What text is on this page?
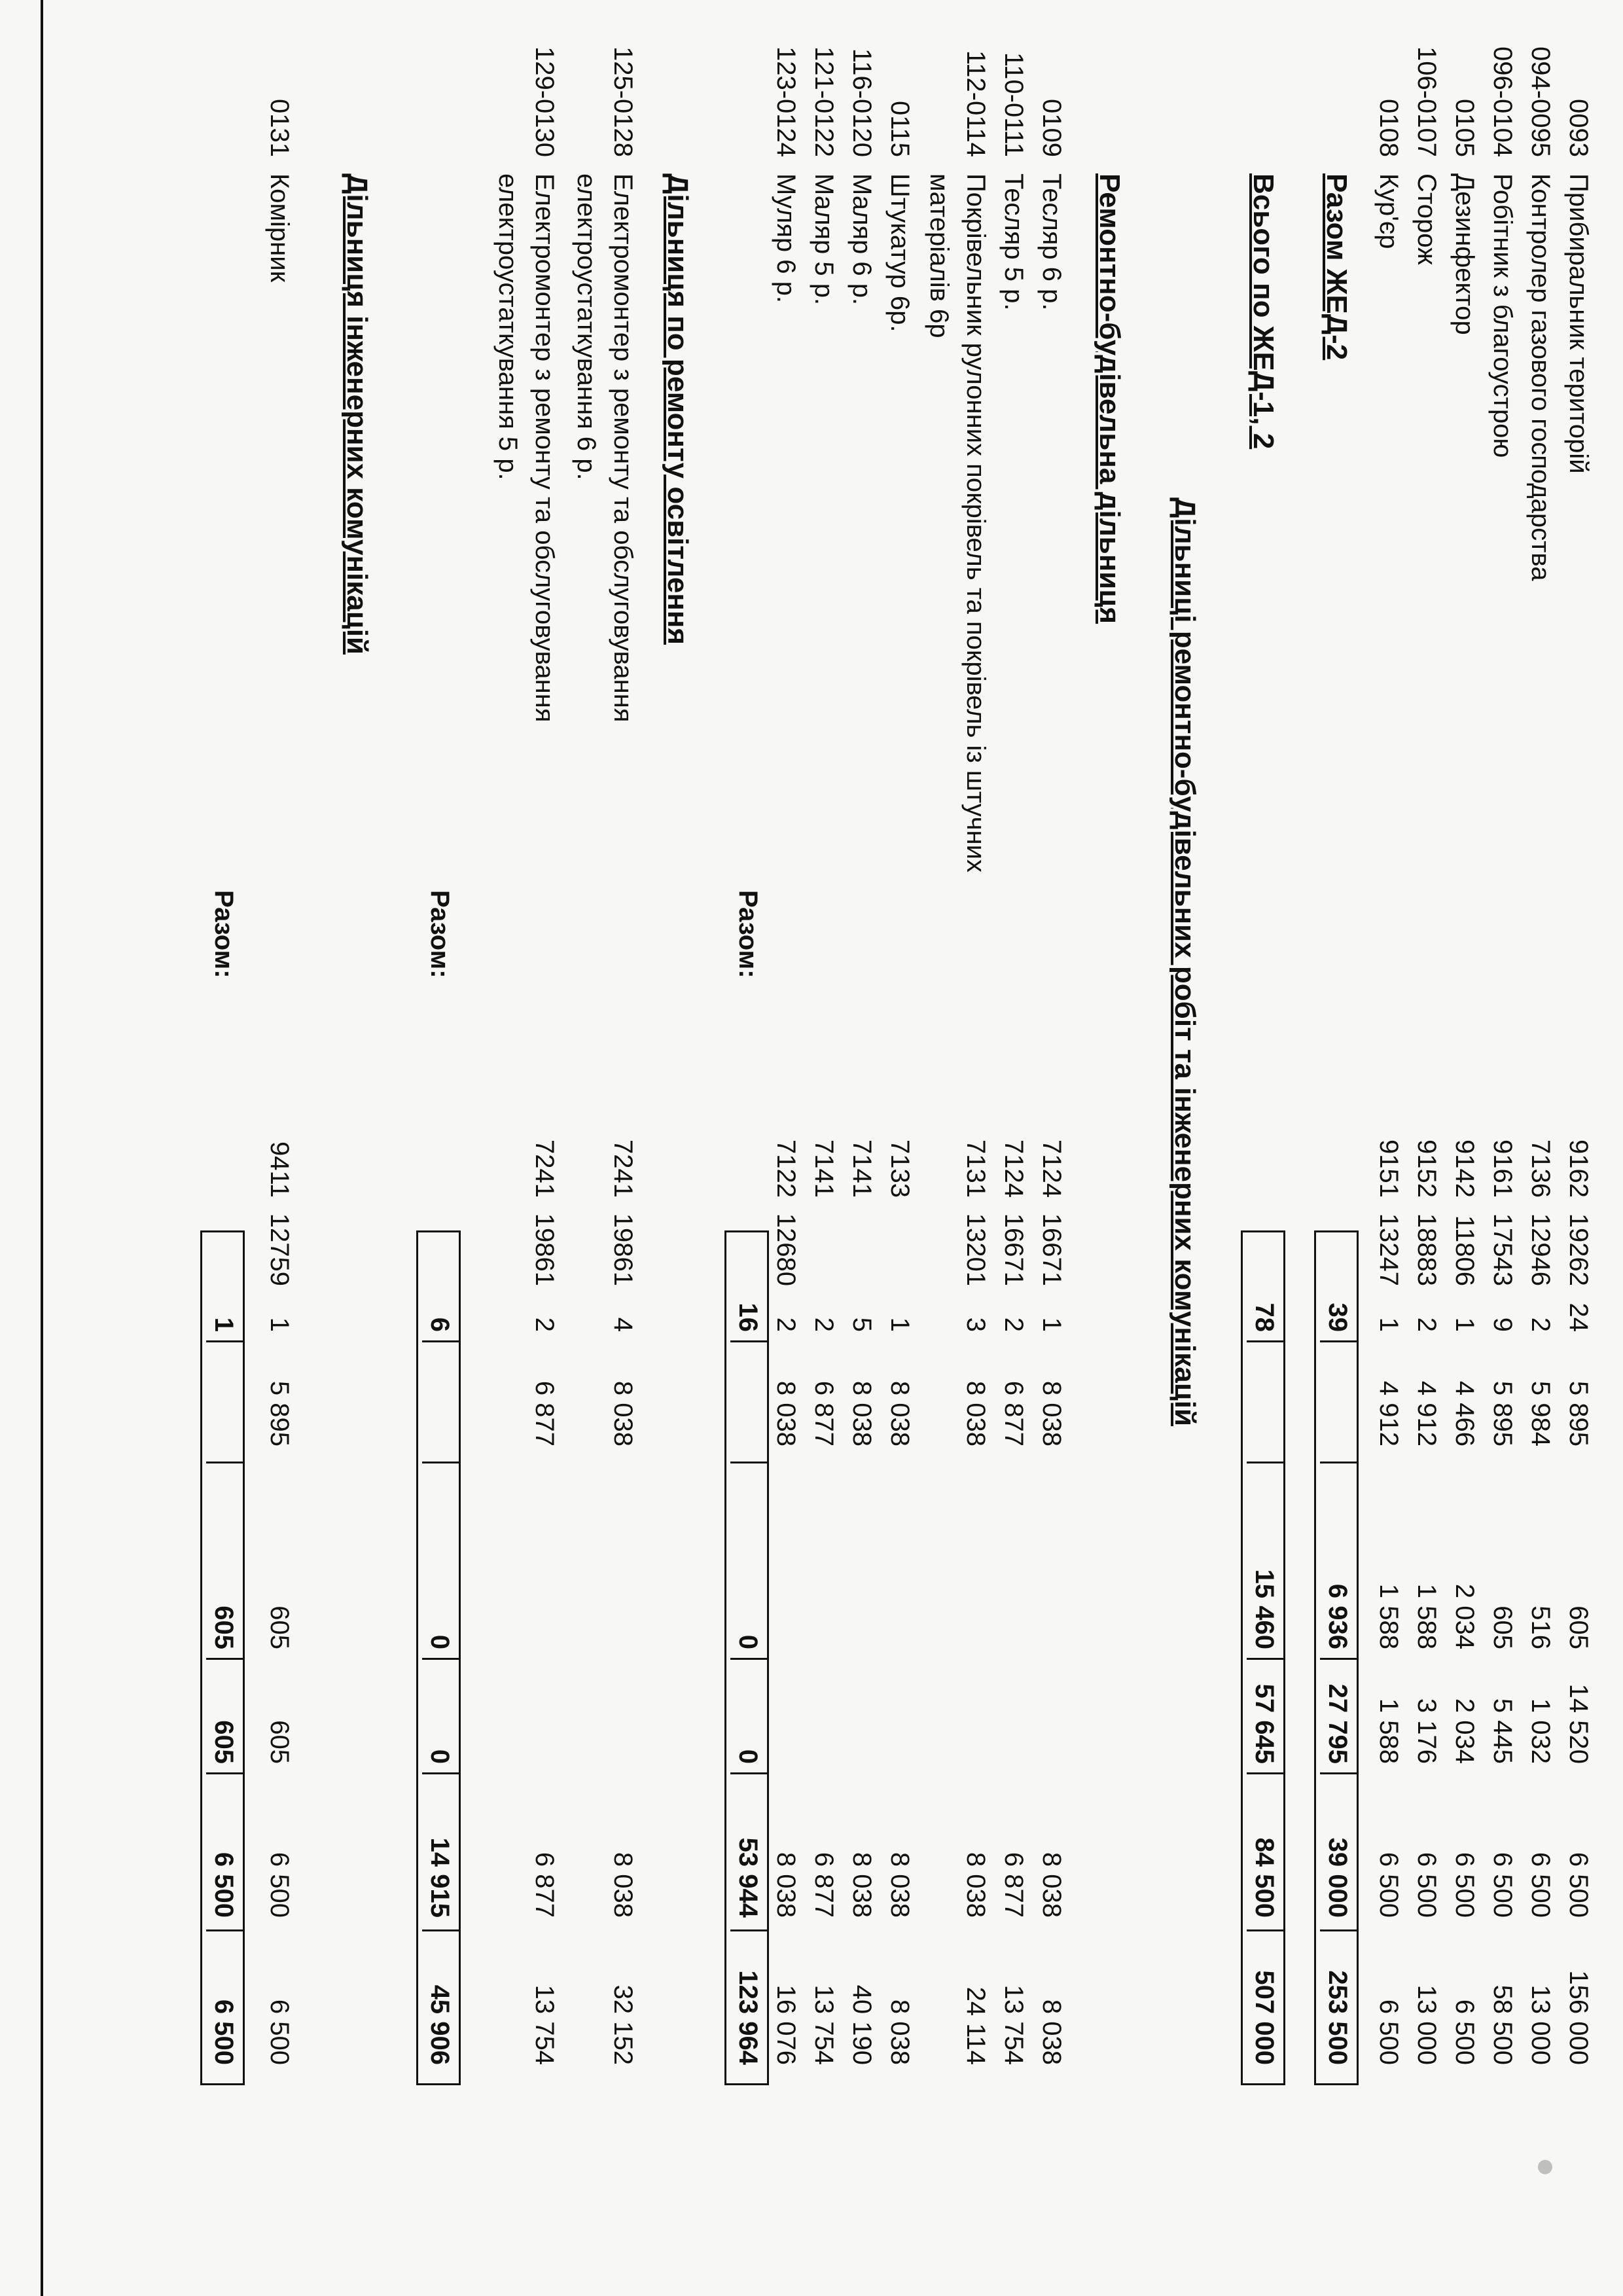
0093
Прибиральник територій
9162
19262
24
5 895
605
14 520
6 500
156 000
094-0095
Контролер газового господарства
7136
12946
2
5 984
516
1 032
6 500
13 000
096-0104
Робітник з благоустрою
9161
17543
9
5 895
605
5 445
6 500
58 500
0105
Дезинфектор
9142
11806
1
4 466
2 034
2 034
6 500
6 500
106-0107
Сторож
9152
18883
2
4 912
1 588
3 176
6 500
13 000
0108
Кур'єр
9151
13247
1
4 912
1 588
1 588
6 500
6 500
Разом ЖЕД-2
39
6 936
27 795
39 000
253 500
Всього по ЖЕД-1, 2
78
15 460
57 645
84 500
507 000
Дільниці ремонтно-будівельних робіт та інженерних комунікацій
Ремонтно-будівельна дільниця
0109
Тесляр 6 р.
7124
16671
1
8 038
8 038
8 038
110-0111
Тесляр 5 р.
7124
16671
2
6 877
6 877
13 754
112-0114
Покрівельник рулонних покрівель та покрівель із штучних
7131
13201
3
8 038
8 038
24 114
матеріалів 6р
0115
Штукатур 6р.
7133
1
8 038
8 038
8 038
116-0120
Маляр 6 р.
7141
5
8 038
8 038
40 190
121-0122
Маляр 5 р.
7141
2
6 877
6 877
13 754
123-0124
Муляр 6 р.
7122
12680
2
8 038
8 038
16 076
Разом:
16
0
0
53 944
123 964
Дільниця по ремонту освітлення
125-0128
Електромонтер з ремонту та обслуговування
7241
19861
4
8 038
8 038
32 152
електроустаткування 6 р.
129-0130
Електромонтер з ремонту та обслуговування
7241
19861
2
6 877
6 877
13 754
електроустаткування 5 р.
Разом:
6
0
0
14 915
45 906
Дільниця інженерних комунікацій
0131
Комірник
9411
12759
1
5 895
605
605
6 500
6 500
Разом:
1
605
605
6 500
6 500
